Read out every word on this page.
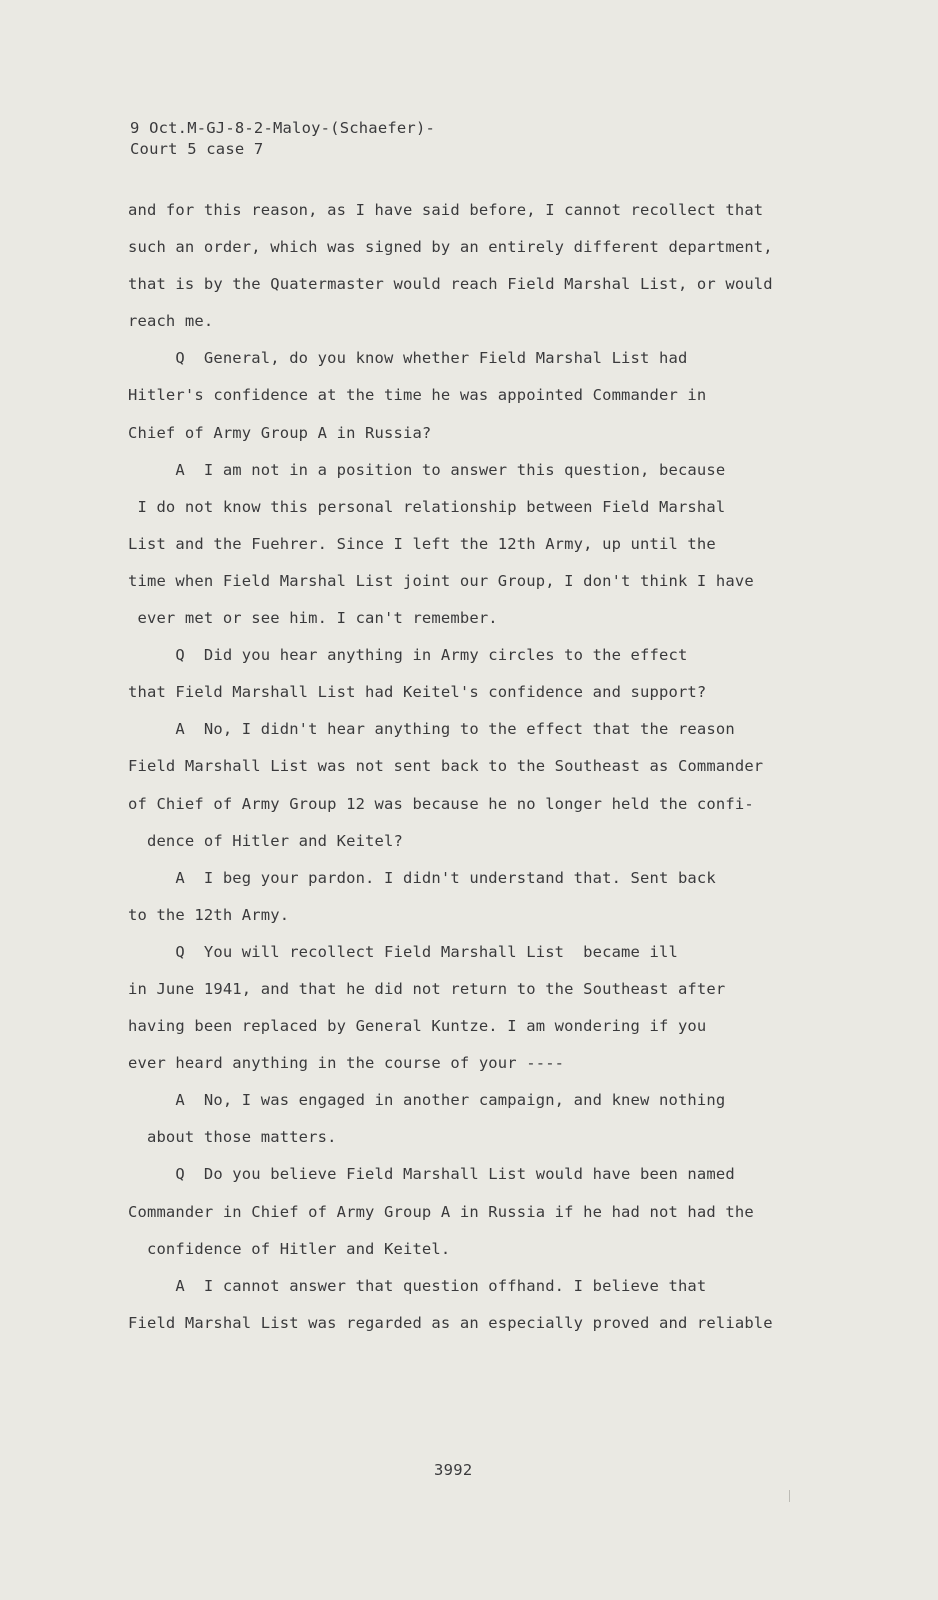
9 Oct.M-GJ-8-2-Maloy-(Schaefer)-
Court 5 case 7
and for this reason, as I have said before, I cannot recollect that
such an order, which was signed by an entirely different department,
that is by the Quatermaster would reach Field Marshal List, or would
reach me.
Q  General, do you know whether Field Marshal List had
Hitler's confidence at the time he was appointed Commander in
Chief of Army Group A in Russia?
A  I am not in a position to answer this question, because
I do not know this personal relationship between Field Marshal
List and the Fuehrer. Since I left the 12th Army, up until the
time when Field Marshal List joint our Group, I don't think I have
ever met or see him. I can't remember.
Q  Did you hear anything in Army circles to the effect
that Field Marshall List had Keitel's confidence and support?
A  No, I didn't hear anything to the effect that the reason
Field Marshall List was not sent back to the Southeast as Commander
of Chief of Army Group 12 was because he no longer held the confi-
dence of Hitler and Keitel?
A  I beg your pardon. I didn't understand that. Sent back
to the 12th Army.
Q  You will recollect Field Marshall List  became ill
in June 1941, and that he did not return to the Southeast after
having been replaced by General Kuntze. I am wondering if you
ever heard anything in the course of your ----
A  No, I was engaged in another campaign, and knew nothing
about those matters.
Q  Do you believe Field Marshall List would have been named
Commander in Chief of Army Group A in Russia if he had not had the
confidence of Hitler and Keitel.
A  I cannot answer that question offhand. I believe that
Field Marshal List was regarded as an especially proved and reliable
3992
